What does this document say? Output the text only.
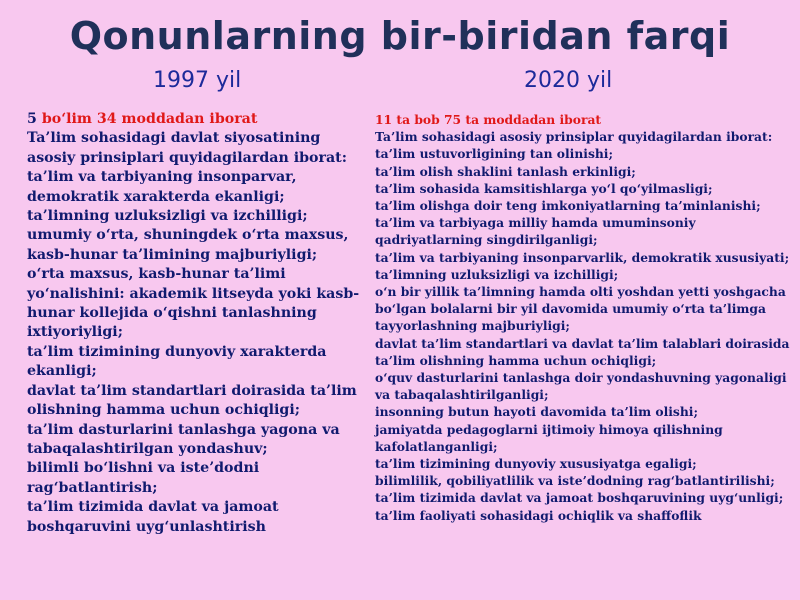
Qonunlarning bir-biridan farqi
1997 yil	2020 yil

5 bo‘lim 34 moddadan iborat

Ta’lim sohasidagi davlat siyosatining asosiy prinsiplari quyidagilardan iborat:

ta’lim va tarbiyaning insonparvar, demokratik xarakterda ekanligi;

ta’limning uzluksizligi va izchilligi;

umumiy o‘rta, shuningdek o‘rta maxsus, kasb-hunar ta’limining majburiyligi;

o‘rta maxsus, kasb-hunar ta’limi yo‘nalishini: akademik litseyda yoki kasb-hunar kollejida o‘qishni tanlashning ixtiyoriyligi;

ta’lim tizimining dunyoviy xarakterda ekanligi;

davlat ta’lim standartlari doirasida ta’lim olishning hamma uchun ochiqligi;

ta’lim dasturlarini tanlashga yagona va tabaqalashtirilgan yondashuv;

bilimli bo‘lishni va iste’dodni rag‘batlantirish;

ta’lim tizimida davlat va jamoat boshqaruvini uyg‘unlashtirish

11 ta bob 75 ta moddadan iborat

Ta’lim sohasidagi asosiy prinsiplar quyidagilardan iborat:

ta’lim ustuvorligining tan olinishi;

ta’lim olish shaklini tanlash erkinligi;

ta’lim sohasida kamsitishlarga yo‘l qo‘yilmasligi;

ta’lim olishga doir teng imkoniyatlarning ta’minlanishi;

ta’lim va tarbiyaga milliy hamda umuminsoniy qadriyatlarning singdirilganligi;

ta’lim va tarbiyaning insonparvarlik, demokratik xususiyati;

ta’limning uzluksizligi va izchilligi;

o‘n bir yillik ta’limning hamda olti yoshdan yetti yoshgacha bo‘lgan bolalarni bir yil davomida umumiy o‘rta ta’limga tayyorlashning majburiyligi;

davlat ta’lim standartlari va davlat ta’lim talablari doirasida ta’lim olishning hamma uchun ochiqligi;

o‘quv dasturlarini tanlashga doir yondashuvning yagonaligi va tabaqalashtirilganligi;

insonning butun hayoti davomida ta’lim olishi;

jamiyatda pedagoglarni ijtimoiy himoya qilishning kafolatlanganligi;

ta’lim tizimining dunyoviy xususiyatga egaligi;

bilimlilik, qobiliyatlilik va iste’dodning rag‘batlantirilishi;

ta’lim tizimida davlat va jamoat boshqaruvining uyg‘unligi;

ta’lim faoliyati sohasidagi ochiqlik va shaffoflik
